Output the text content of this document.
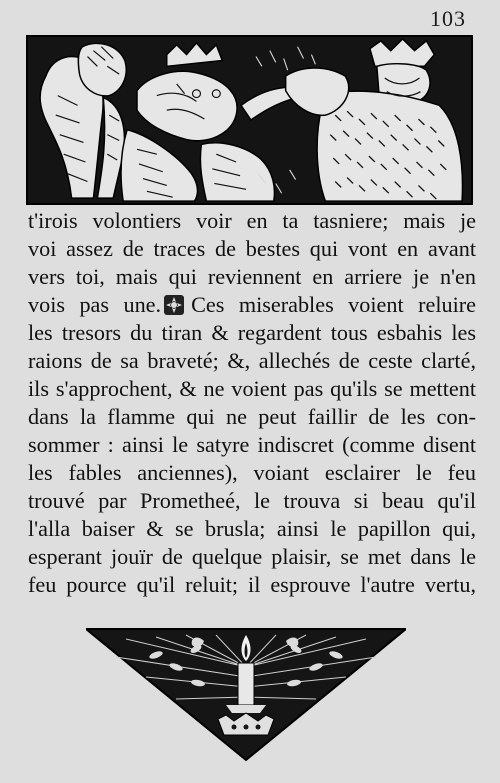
103
t'irois volontiers voir en ta tasniere; mais je
voi assez de traces de bestes qui vont en avant
vers toi, mais qui reviennent en arriere je n'en
vois pas une. Ces miserables voient reluire
les tresors du tiran & regardent tous esbahis les
raions de sa braveté; &, allechés de ceste clarté,
ils s'approchent, & ne voient pas qu'ils se mettent
dans la flamme qui ne peut faillir de les con-
sommer : ainsi le satyre indiscret (comme disent
les fables anciennes), voiant esclairer le feu
trouvé par Prometheé, le trouva si beau qu'il
l'alla baiser & se brusla; ainsi le papillon qui,
esperant jouïr de quelque plaisir, se met dans le
feu pource qu'il reluit; il esprouve l'autre vertu,
